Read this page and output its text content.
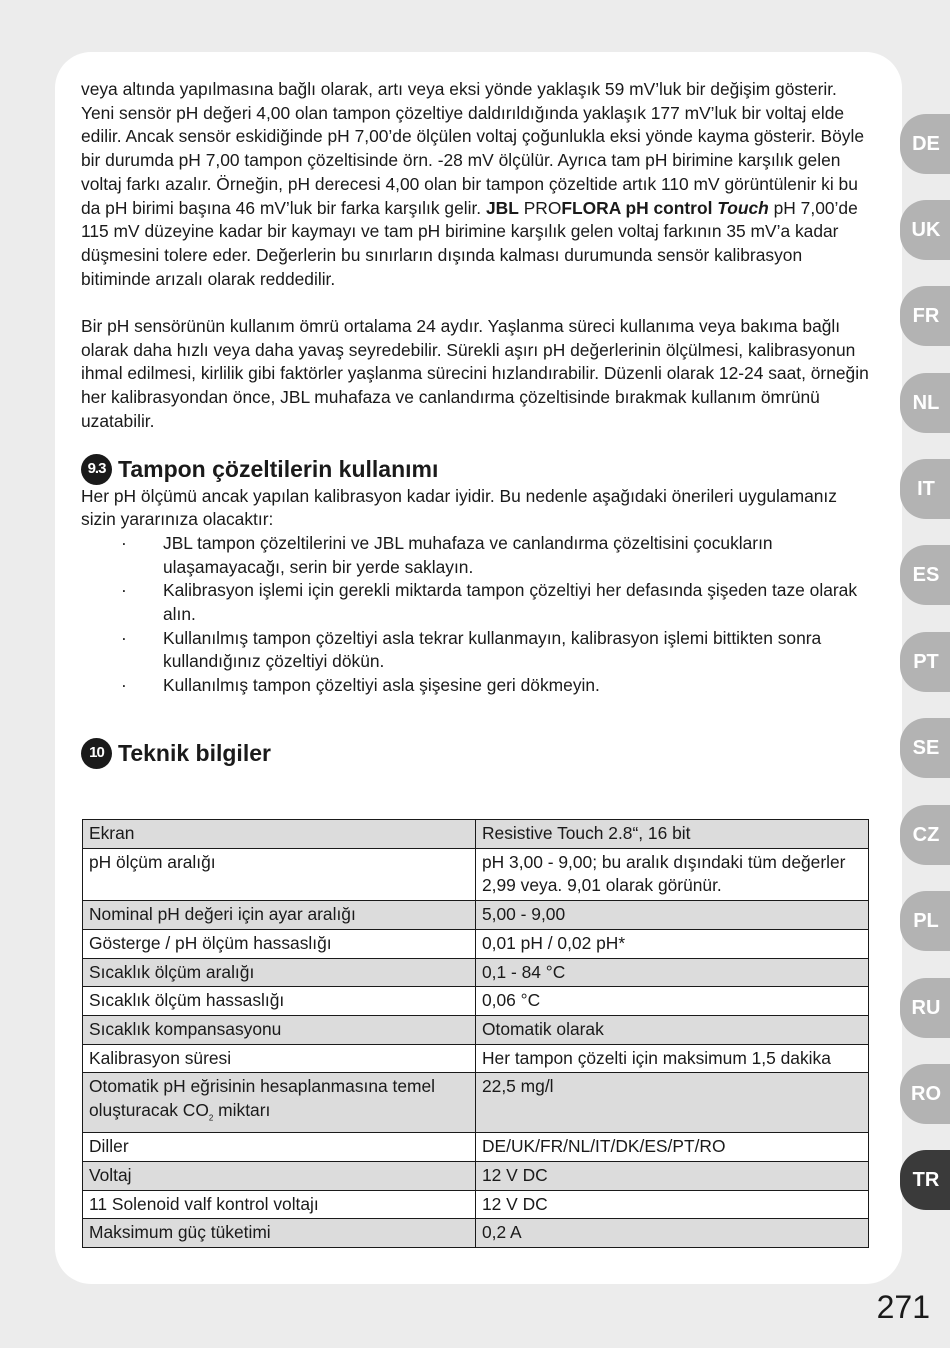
veya altında yapılmasına bağlı olarak, artı veya eksi yönde yaklaşık 59 mV’luk bir değişim gösterir. Yeni sensör pH değeri 4,00 olan tampon çözeltiye daldırıldığında yaklaşık 177 mV’luk bir voltaj elde edilir. Ancak sensör eskidiğinde pH 7,00’de ölçülen voltaj çoğunlukla eksi yönde kayma gösterir. Böyle bir durumda pH 7,00 tampon çözeltisinde örn. -28 mV ölçülür. Ayrıca tam pH birimine karşılık gelen voltaj farkı azalır. Örneğin, pH derecesi 4,00 olan bir tampon çözeltide artık 110 mV görüntülenir ki bu da pH birimi başına 46 mV’luk bir farka karşılık gelir. JBL PROFLORA pH control Touch pH 7,00’de 115 mV düzeyine kadar bir kaymayı ve tam pH birimine karşılık gelen voltaj farkının 35 mV’a kadar düşmesini tolere eder. Değerlerin bu sınırların dışında kalması durumunda sensör kalibrasyon bitiminde arızalı olarak reddedilir.

Bir pH sensörünün kullanım ömrü ortalama 24 aydır. Yaşlanma süreci kullanıma veya bakıma bağlı olarak daha hızlı veya daha yavaş seyredebilir. Sürekli aşırı pH değerlerinin ölçülmesi, kalibrasyonun ihmal edilmesi, kirlilik gibi faktörler yaşlanma sürecini hızlandırabilir. Düzenli olarak 12-24 saat, örneğin her kalibrasyondan önce, JBL muhafaza ve canlandırma çözeltisinde bırakmak kullanım ömrünü uzatabilir.

9.3 Tampon çözeltilerin kullanımı

Her pH ölçümü ancak yapılan kalibrasyon kadar iyidir. Bu nedenle aşağıdaki önerileri uygulamanız sizin yararınıza olacaktır:

· JBL tampon çözeltilerini ve JBL muhafaza ve canlandırma çözeltisini çocukların ulaşamayacağı, serin bir yerde saklayın.
· Kalibrasyon işlemi için gerekli miktarda tampon çözeltiyi her defasında şişeden taze olarak alın.
· Kullanılmış tampon çözeltiyi asla tekrar kullanmayın, kalibrasyon işlemi bittikten sonra kullandığınız çözeltiyi dökün.
· Kullanılmış tampon çözeltiyi asla şişesine geri dökmeyin.
10 Teknik bilgiler
Ekran	Resistive Touch 2.8“, 16 bit
pH ölçüm aralığı	pH 3,00 - 9,00; bu aralık dışındaki tüm değerler 2,99 veya. 9,01 olarak görünür.
Nominal pH değeri için ayar aralığı	5,00 - 9,00
Gösterge / pH ölçüm hassaslığı	0,01 pH / 0,02 pH*
Sıcaklık ölçüm aralığı	0,1 - 84 °C
Sıcaklık ölçüm hassaslığı	0,06 °C
Sıcaklık kompansasyonu	Otomatik olarak
Kalibrasyon süresi	Her tampon çözelti için maksimum 1,5 dakika
Otomatik pH eğrisinin hesaplanmasına temel oluşturacak $CO_2$ miktarı	22,5 mg/l
Diller	DE/UK/FR/NL/IT/DK/ES/PT/RO
Voltaj	12 V DC
11 Solenoid valf kontrol voltajı	12 V DC
Maksimum güç tüketimi	0,2 A
DE
UK
FR
NL
IT
ES
PT
SE
CZ
PL
RU
RO
TR
271
